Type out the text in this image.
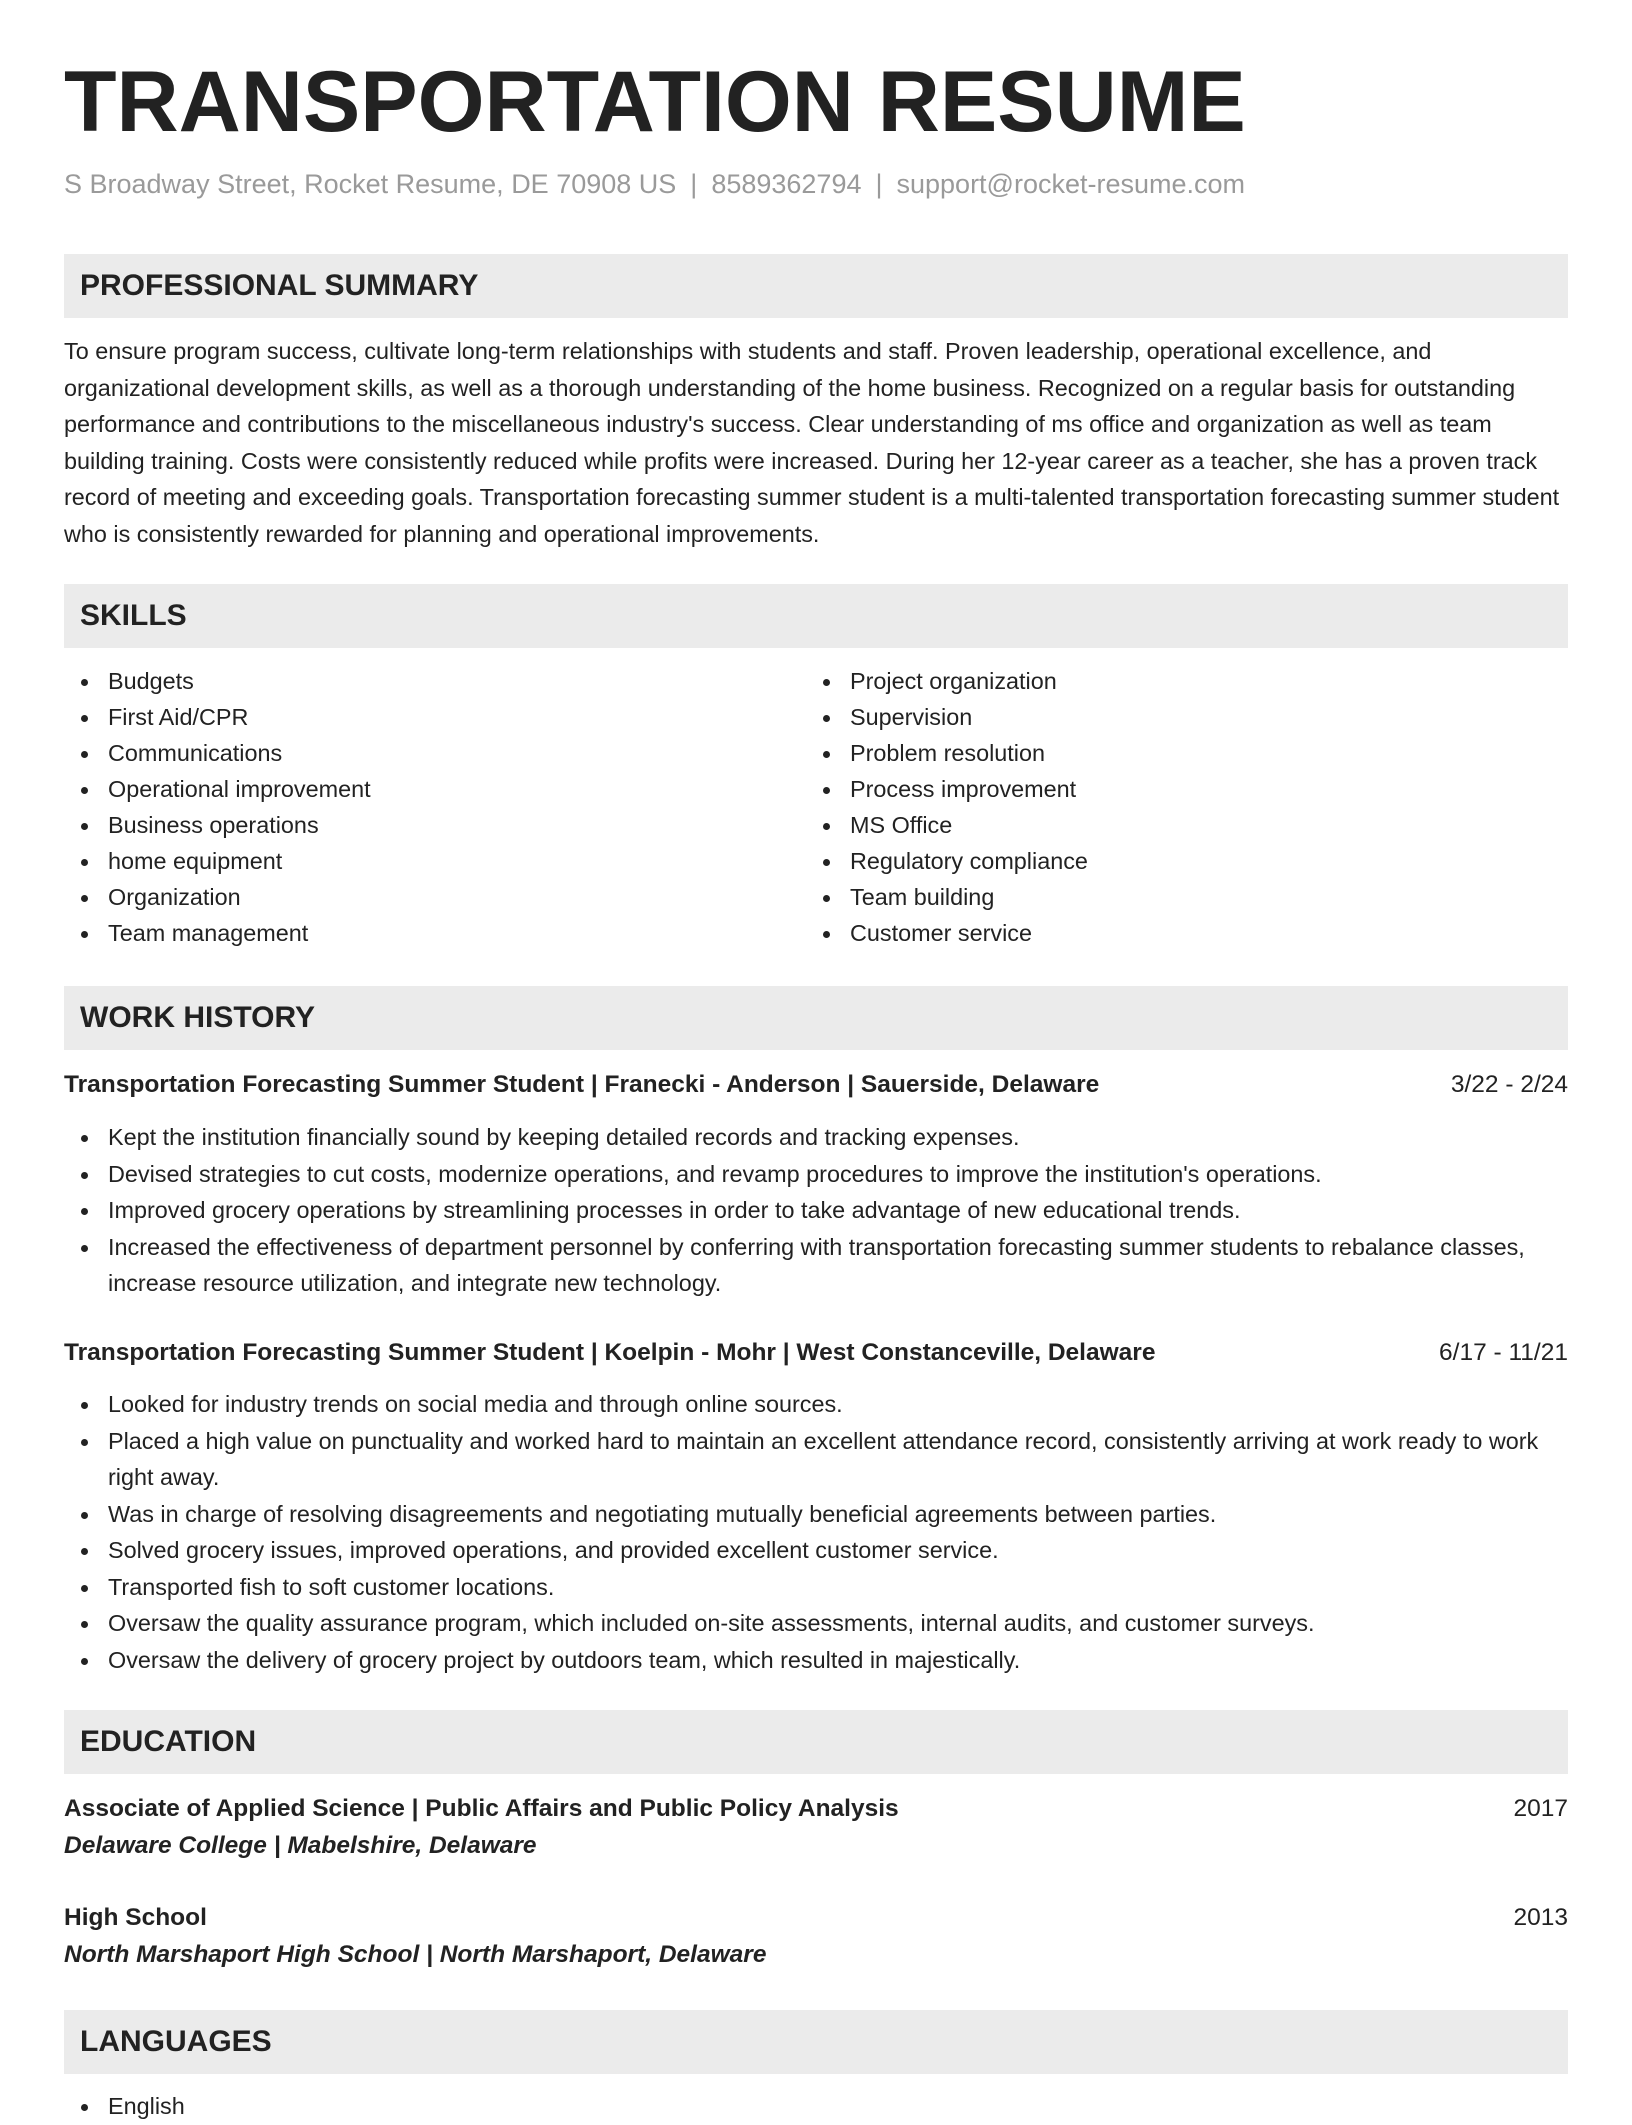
TRANSPORTATION RESUME
S Broadway Street, Rocket Resume, DE 70908 US | 8589362794 | support@rocket-resume.com
PROFESSIONAL SUMMARY

To ensure program success, cultivate long-term relationships with students and staff. Proven leadership, operational excellence, and organizational development skills, as well as a thorough understanding of the home business. Recognized on a regular basis for outstanding performance and contributions to the miscellaneous industry's success. Clear understanding of ms office and organization as well as team building training. Costs were consistently reduced while profits were increased. During her 12-year career as a teacher, she has a proven track record of meeting and exceeding goals. Transportation forecasting summer student is a multi-talented transportation forecasting summer student who is consistently rewarded for planning and operational improvements.

SKILLS
Budgets
First Aid/CPR
Communications
Operational improvement
Business operations
home equipment
Organization
Team management
Project organization
Supervision
Problem resolution
Process improvement
MS Office
Regulatory compliance
Team building
Customer service
WORK HISTORY
Transportation Forecasting Summer Student | Franecki - Anderson | Sauerside, Delaware	3/22 - 2/24
Kept the institution financially sound by keeping detailed records and tracking expenses.
Devised strategies to cut costs, modernize operations, and revamp procedures to improve the institution's operations.
Improved grocery operations by streamlining processes in order to take advantage of new educational trends.
Increased the effectiveness of department personnel by conferring with transportation forecasting summer students to rebalance classes, increase resource utilization, and integrate new technology.
Transportation Forecasting Summer Student | Koelpin - Mohr | West Constanceville, Delaware	6/17 - 11/21
Looked for industry trends on social media and through online sources.
Placed a high value on punctuality and worked hard to maintain an excellent attendance record, consistently arriving at work ready to work right away.
Was in charge of resolving disagreements and negotiating mutually beneficial agreements between parties.
Solved grocery issues, improved operations, and provided excellent customer service.
Transported fish to soft customer locations.
Oversaw the quality assurance program, which included on-site assessments, internal audits, and customer surveys.
Oversaw the delivery of grocery project by outdoors team, which resulted in majestically.
EDUCATION
Associate of Applied Science | Public Affairs and Public Policy Analysis	2017
Delaware College | Mabelshire, Delaware
High School	2013
North Marshaport High School | North Marshaport, Delaware
LANGUAGES
English
